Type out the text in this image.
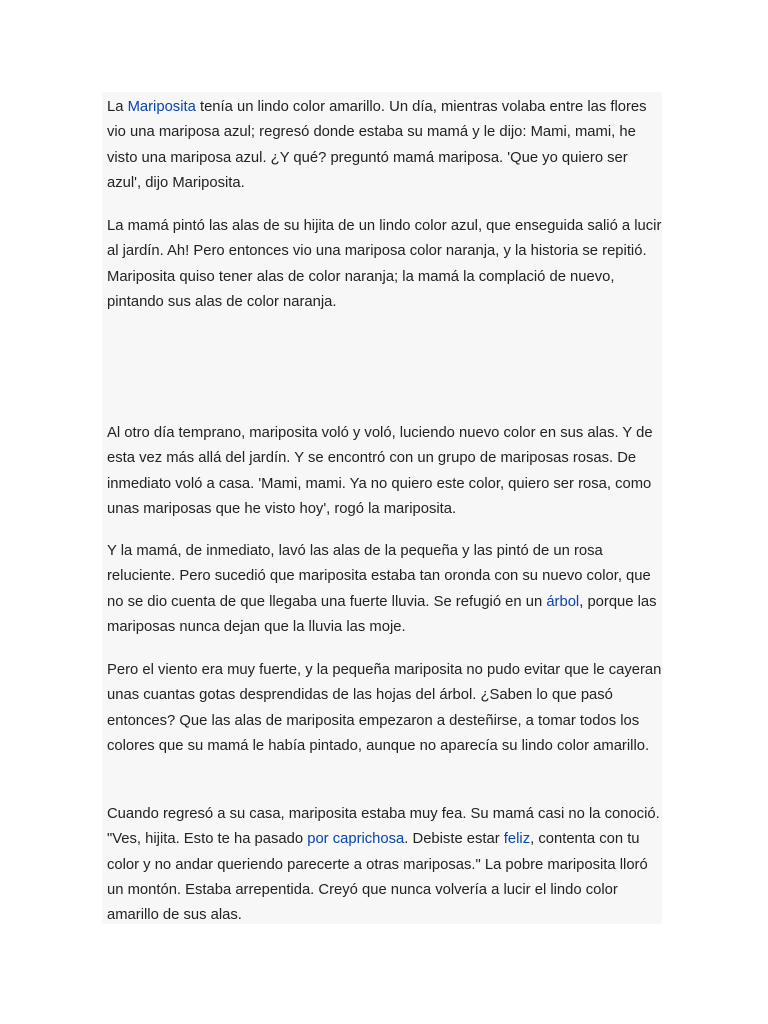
La Mariposita tenía un lindo color amarillo. Un día, mientras volaba entre las flores vio una mariposa azul; regresó donde estaba su mamá y le dijo: Mami, mami, he visto una mariposa azul. ¿Y qué? preguntó mamá mariposa. 'Que yo quiero ser azul', dijo Mariposita.

La mamá pintó las alas de su hijita de un lindo color azul, que enseguida salió a lucir al jardín. Ah! Pero entonces vio una mariposa color naranja, y la historia se repitió. Mariposita quiso tener alas de color naranja; la mamá la complació de nuevo, pintando sus alas de color naranja.

Al otro día temprano, mariposita voló y voló, luciendo nuevo color en sus alas. Y de esta vez más allá del jardín. Y se encontró con un grupo de mariposas rosas. De inmediato voló a casa. 'Mami, mami. Ya no quiero este color, quiero ser rosa, como unas mariposas que he visto hoy', rogó la mariposita.

Y la mamá, de inmediato, lavó las alas de la pequeña y las pintó de un rosa reluciente. Pero sucedió que mariposita estaba tan oronda con su nuevo color, que no se dio cuenta de que llegaba una fuerte lluvia. Se refugió en un árbol, porque las mariposas nunca dejan que la lluvia las moje.

Pero el viento era muy fuerte, y la pequeña mariposita no pudo evitar que le cayeran unas cuantas gotas desprendidas de las hojas del árbol. ¿Saben lo que pasó entonces? Que las alas de mariposita empezaron a desteñirse, a tomar todos los colores que su mamá le había pintado, aunque no aparecía su lindo color amarillo.

Cuando regresó a su casa, mariposita estaba muy fea. Su mamá casi no la conoció. "Ves, hijita. Esto te ha pasado por caprichosa. Debiste estar feliz, contenta con tu color y no andar queriendo parecerte a otras mariposas." La pobre mariposita lloró un montón. Estaba arrepentida. Creyó que nunca volvería a lucir el lindo color amarillo de sus alas.
